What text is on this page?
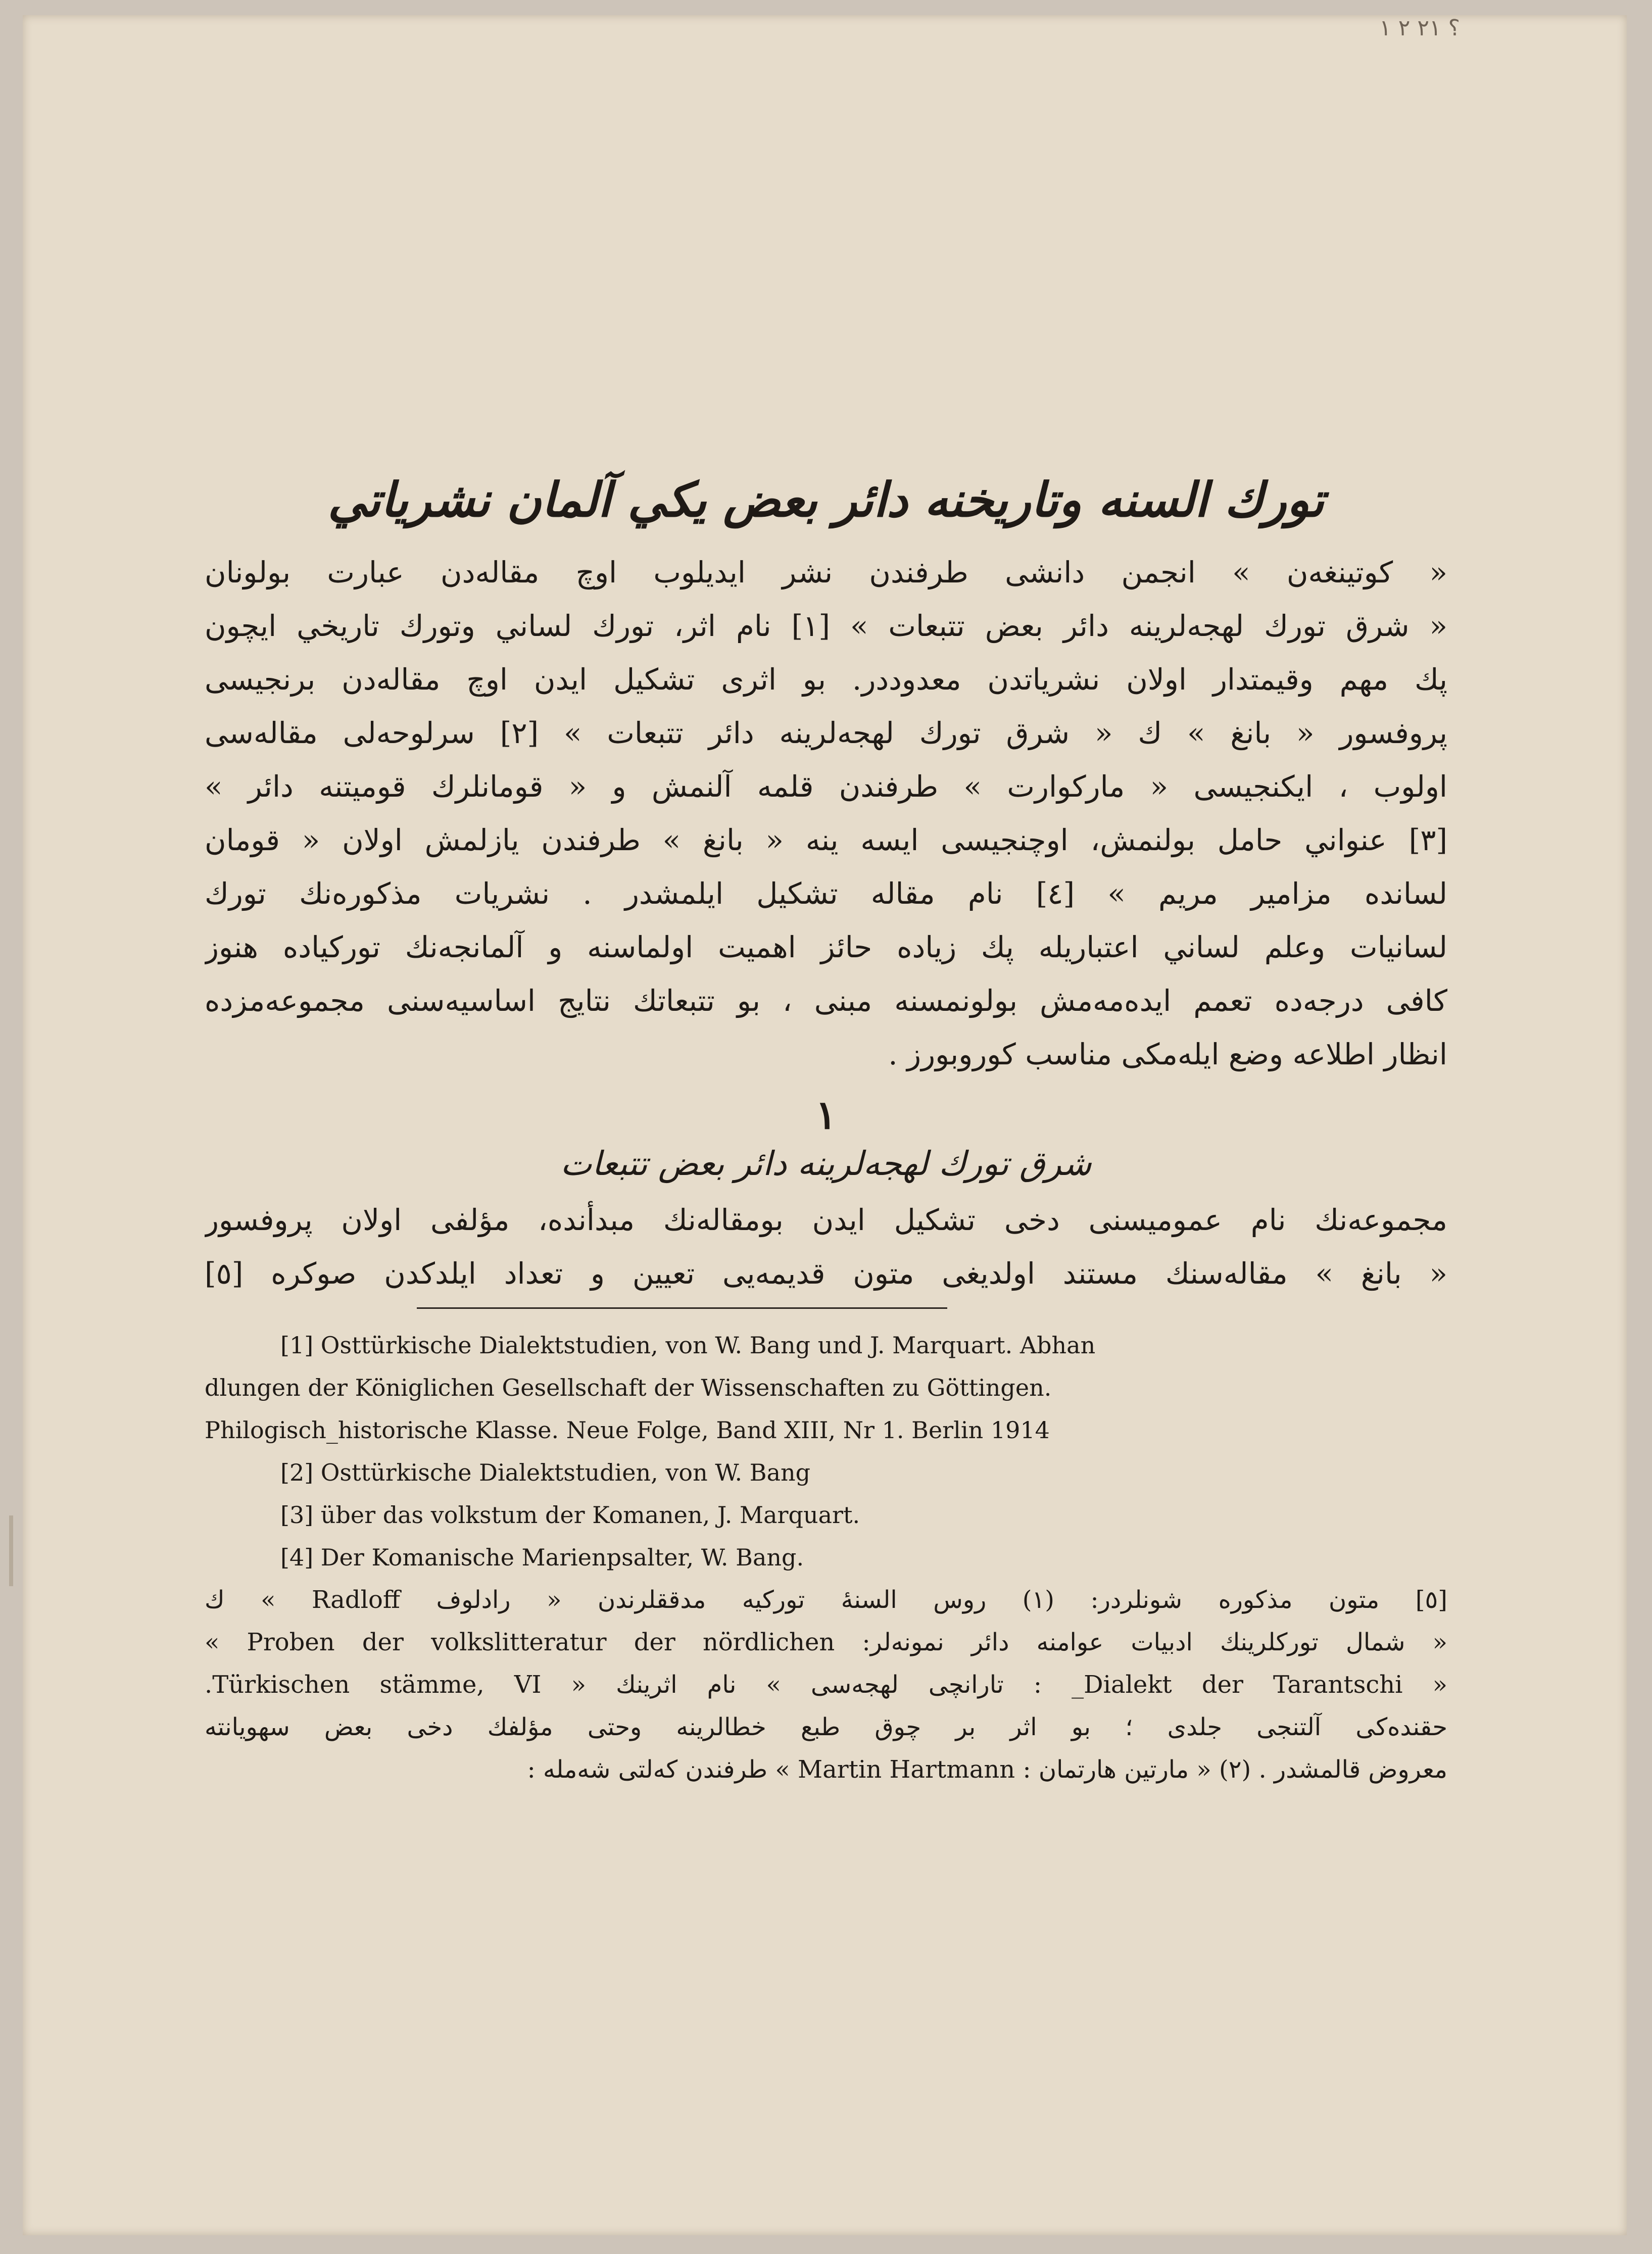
؟ ٢١ ٢ ١
تورك السنه وتاريخنه دائر بعض يكي آلمان نشرياتي

« كوتينغه‌ن » انجمن دانشى طرفندن نشر ايديلوب اوچ مقاله‌دن عبارت بولونان

« شرق تورك لهجه‌لرينه دائر بعض تتبعات » [١] نام اثر، تورك لساني وتورك تاريخي ايچون

پك مهم وقيمتدار اولان نشرياتدن معدوددر. بو اثرى تشكيل ايدن اوچ مقاله‌دن برنجيسى

پروفسور « بانغ » ك « شرق تورك لهجه‌لرينه دائر تتبعات » [٢] سرلوحه‌لى مقاله‌سى

اولوب ، ايكنجيسى « ماركوارت » طرفندن قلمه آلنمش و « قومانلرك قوميتنه دائر »

[٣] عنواني حامل بولنمش، اوچنجيسى ايسه ينه « بانغ » طرفندن يازلمش اولان « قومان

لسانده مزامير مريم » [٤] نام مقاله تشكيل ايلمشدر . نشريات مذكوره‌نك تورك

لسانيات وعلم لساني اعتباريله پك زياده حائز اهميت اولماسنه و آلمانجه‌نك توركياده هنوز

كافى درجه‌ده تعمم ايده‌مه‌مش بولونمسنه مبنى ، بو تتبعاتك نتايج اساسيه‌سنى مجموعه‌مزده

انظار اطلاعه وضع ايله‌مكى مناسب كوروبورز .

١
شرق تورك لهجه‌لرينه دائر بعض تتبعات

مجموعه‌نك نام عموميسنى دخى تشكيل ايدن بومقاله‌نك مبدأنده، مؤلفى اولان پروفسور

« بانغ » مقاله‌سنك مستند اولديغى متون قديمه‌يى تعيين و تعداد ايلدكدن صوكره [٥]

[1] Osttürkische Dialektstudien, von W. Bang und J. Marquart. Abhan

dlungen der Königlichen Gesellschaft der Wissenschaften zu Göttingen.

Philogisch_historische Klasse. Neue Folge, Band XIII, Nr 1. Berlin 1914

[2] Osttürkische Dialektstudien, von W. Bang

[3] über das volkstum der Komanen, J. Marquart.

[4] Der Komanische Marienpsalter, W. Bang.

[٥] متون مذكوره شونلردر: (١) روس السنهٔ توركيه مدققلرندن « رادلوف Radloff » ك

« شمال توركلرينك ادبيات عوامنه دائر نمونه‌لر: Proben der volkslitteratur der nördlichen »

« Dialekt der Tarantschi_ : تارانچى لهجه‌سى » نام اثرينك « Türkischen stämme, VI.

حقنده‌كى آلتنجى جلدى ؛ بو اثر بر چوق طبع خطالرينه وحتى مؤلفك دخى بعض سهويانته

معروض قالمشدر . (٢) « مارتين هارتمان : Martin Hartmann » طرفندن كه‌لتى شه‌مله :
